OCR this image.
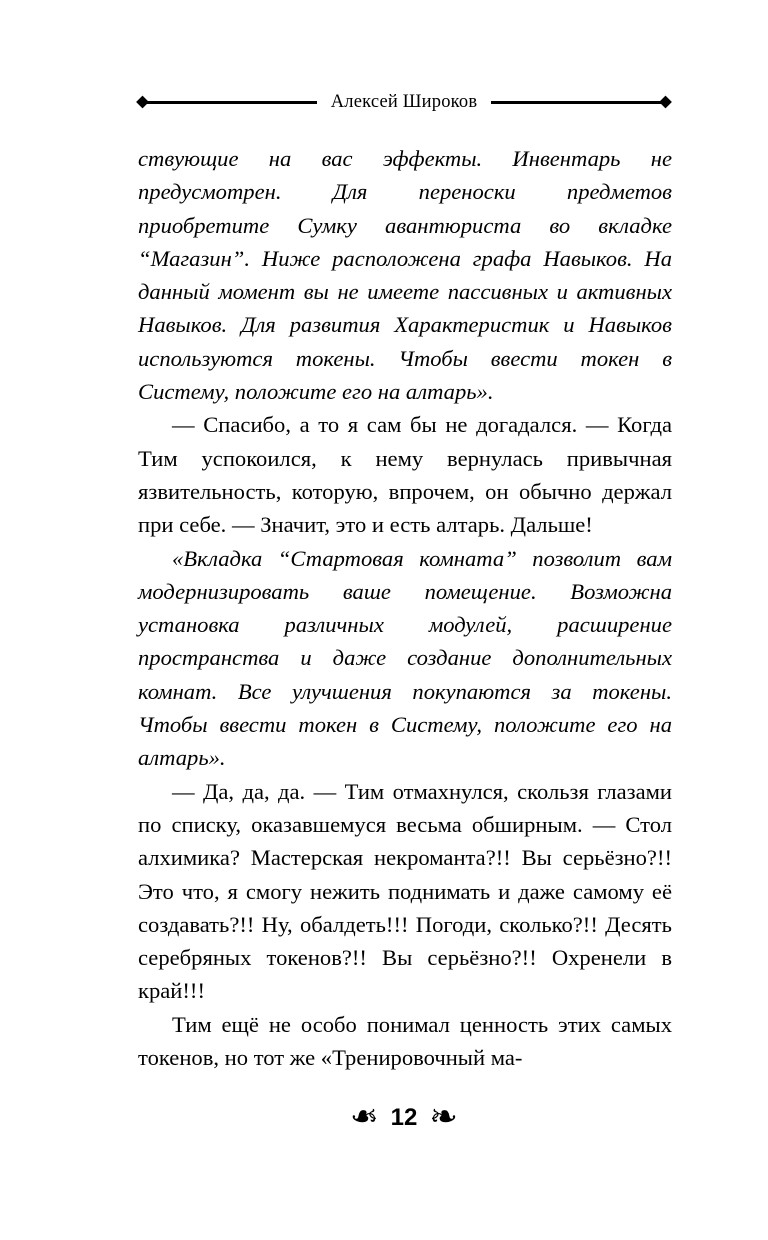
Алексей Широков

ствующие на вас эффекты. Инвентарь не предусмотрен. Для переноски предметов приобретите Сумку авантюриста во вкладке “Магазин”. Ниже расположена графа Навыков. На данный момент вы не имеете пассивных и активных Навыков. Для развития Характеристик и Навыков используются токены. Чтобы ввести токен в Систему, положите его на алтарь».

— Спасибо, а то я сам бы не догадался. — Когда Тим успокоился, к нему вернулась привычная язвительность, которую, впрочем, он обычно держал при себе. — Значит, это и есть алтарь. Дальше!

«Вкладка “Стартовая комната” позволит вам модернизировать ваше помещение. Возможна установка различных модулей, расширение пространства и даже создание дополнительных комнат. Все улучшения покупаются за токены. Чтобы ввести токен в Систему, положите его на алтарь».

— Да, да, да. — Тим отмахнулся, скользя глазами по списку, оказавшемуся весьма обширным. — Стол алхимика? Мастерская некроманта?!! Вы серьёзно?!! Это что, я смогу нежить поднимать и даже самому её создавать?!! Ну, обалдеть!!! Погоди, сколько?!! Десять серебряных токенов?!! Вы серьёзно?!! Охренели в край!!!

Тим ещё не особо понимал ценность этих самых токенов, но тот же «Тренировочный ма-

❧ 12 ❧
